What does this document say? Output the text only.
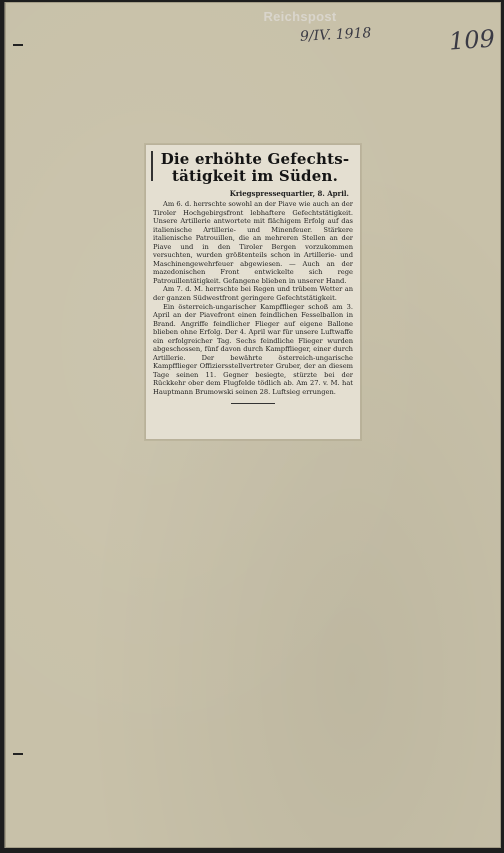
Reichspost
9/IV. 1918	109
Die erhöhte Gefechts-tätigkeit im Süden.
Kriegspressequartier, 8. April.

Am 6. d. herrschte sowohl an der Piave wie auch an der Tiroler Hochgebirgsfront lebhaftere Gefechtstätigkeit. Unsere Artillerie antwortete mit flächigem Erfolg auf das italienische Artillerie- und Minenfeuer. Stärkere italienische Patrouillen, die an mehreren Stellen an der Piave und in den Tiroler Bergen vorzukommen versuchten, wurden größtenteils schon in Artillerie- und Maschinengewehrfeuer abgewiesen. — Auch an der mazedonischen Front entwickelte sich rege Patrouillentätigkeit. Gefangene blieben in unserer Hand.

Am 7. d. M. herrschte bei Regen und trübem Wetter an der ganzen Südwestfront geringere Gefechtstätigkeit.

Ein österreich-ungarischer Kampfflieger schoß am 3. April an der Piavefront einen feindlichen Fesselballon in Brand. Angriffe feindlicher Flieger auf eigene Ballone blieben ohne Erfolg. Der 4. April war für unsere Luftwaffe ein erfolgreicher Tag. Sechs feindliche Flieger wurden abgeschossen, fünf davon durch Kampfflieger, einer durch Artillerie. Der bewährte österreich-ungarische Kampfflieger Offiziersstellvertreter Gruber, der an diesem Tage seinen 11. Gegner besiegte, stürzte bei der Rückkehr ober dem Flugfelde tödlich ab. Am 27. v. M. hat Hauptmann Brumowski seinen 28. Luftsieg errungen.
